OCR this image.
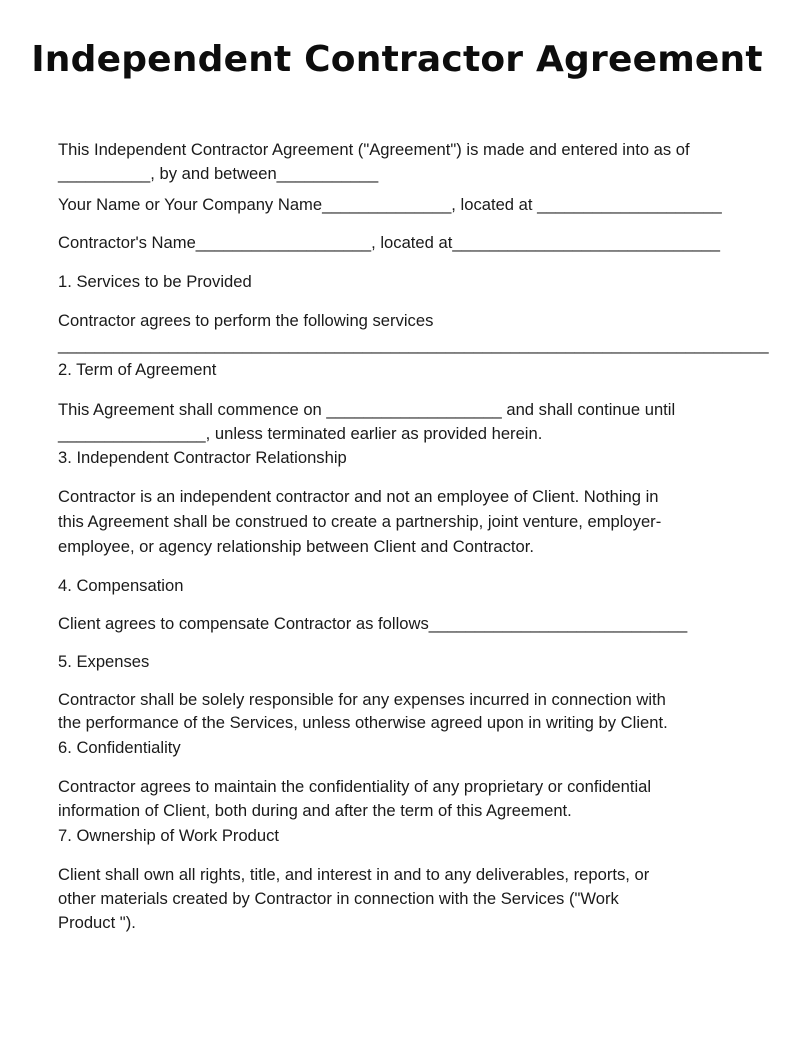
Independent Contractor Agreement

This Independent Contractor Agreement ("Agreement") is made and entered into as of

__________, by and between___________

Your Name or Your Company Name______________, located at ____________________

Contractor's Name___________________, located at_____________________________

1. Services to be Provided

Contractor agrees to perform the following services

_____________________________________________________________________________

2. Term of Agreement

This Agreement shall commence on ___________________ and shall continue until

________________, unless terminated earlier as provided herein.

3. Independent Contractor Relationship

Contractor is an independent contractor and not an employee of Client. Nothing in

this Agreement shall be construed to create a partnership, joint venture, employer-

employee, or agency relationship between Client and Contractor.

4. Compensation

Client agrees to compensate Contractor as follows____________________________

5. Expenses

Contractor shall be solely responsible for any expenses incurred in connection with

the performance of the Services, unless otherwise agreed upon in writing by Client.

6. Confidentiality

Contractor agrees to maintain the confidentiality of any proprietary or confidential

information of Client, both during and after the term of this Agreement.

7. Ownership of Work Product

Client shall own all rights, title, and interest in and to any deliverables, reports, or

other materials created by Contractor in connection with the Services ("Work

Product ").
